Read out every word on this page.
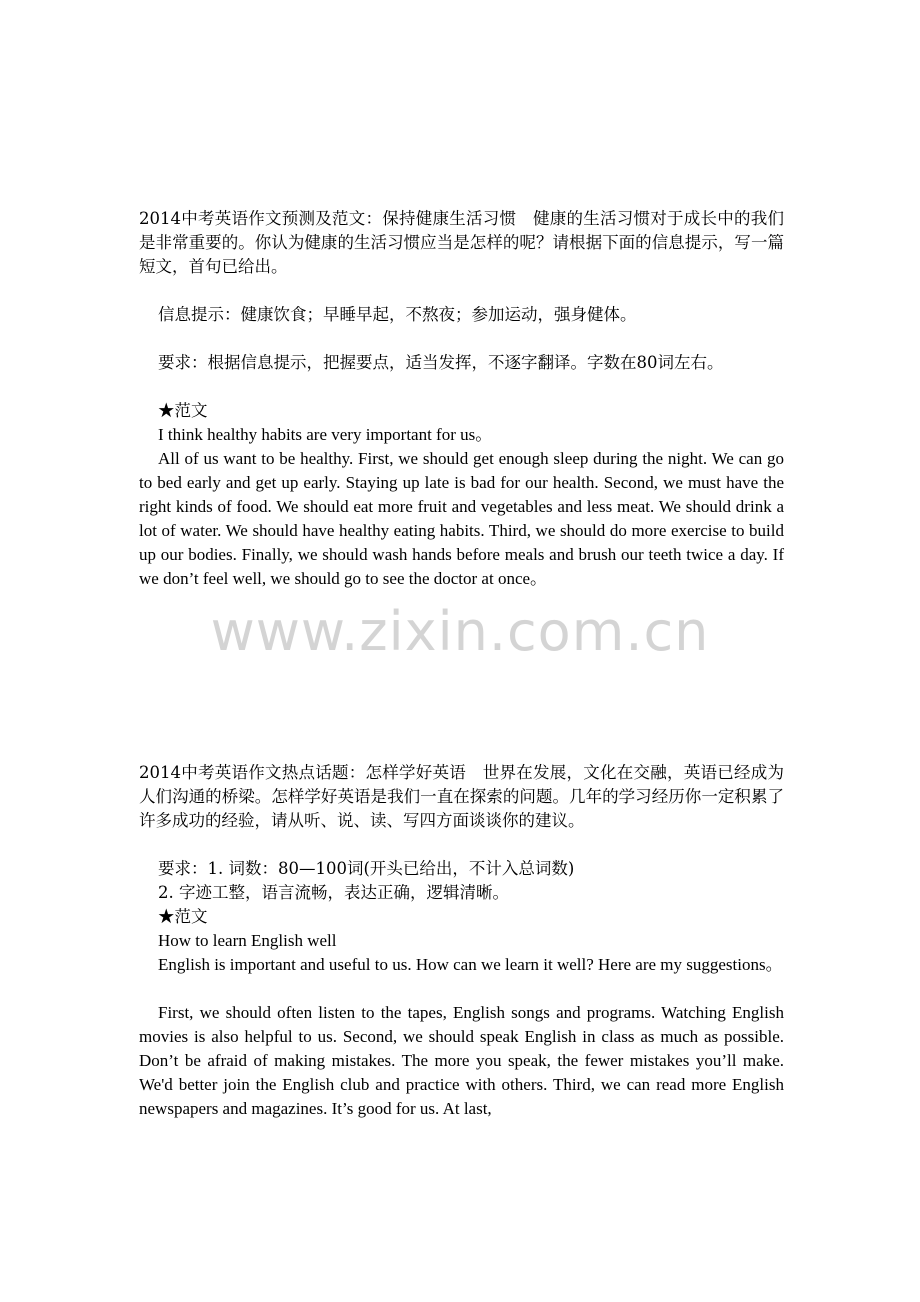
2014中考英语作文预测及范文：保持健康生活习惯　健康的生活习惯对于成长中的我们是非常重要的。你认为健康的生活习惯应当是怎样的呢？请根据下面的信息提示，写一篇短文，首句已给出。

信息提示：健康饮食；早睡早起，不熬夜；参加运动，强身健体。

要求：根据信息提示，把握要点，适当发挥，不逐字翻译。字数在80词左右。

★范文

I think healthy habits are very important for us。

All of us want to be healthy. First, we should get enough sleep during the night. We can go to bed early and get up early. Staying up late is bad for our health. Second, we must have the right kinds of food. We should eat more fruit and vegetables and less meat. We should drink a lot of water. We should have healthy eating habits. Third, we should do more exercise to build up our bodies. Finally, we should wash hands before meals and brush our teeth twice a day. If we don’t feel well, we should go to see the doctor at once。

www.zixin.com.cn

2014中考英语作文热点话题：怎样学好英语　世界在发展，文化在交融，英语已经成为人们沟通的桥梁。怎样学好英语是我们一直在探索的问题。几年的学习经历你一定积累了许多成功的经验，请从听、说、读、写四方面谈谈你的建议。

要求：1. 词数：80—100词(开头已给出，不计入总词数)

2. 字迹工整，语言流畅，表达正确，逻辑清晰。

★范文

How to learn English well

English is important and useful to us. How can we learn it well? Here are my suggestions。

First, we should often listen to the tapes, English songs and programs. Watching English movies is also helpful to us. Second, we should speak English in class as much as possible. Don’t be afraid of making mistakes. The more you speak, the fewer mistakes you’ll make. We'd better join the English club and practice with others. Third, we can read more English newspapers and magazines. It’s good for us. At last,
